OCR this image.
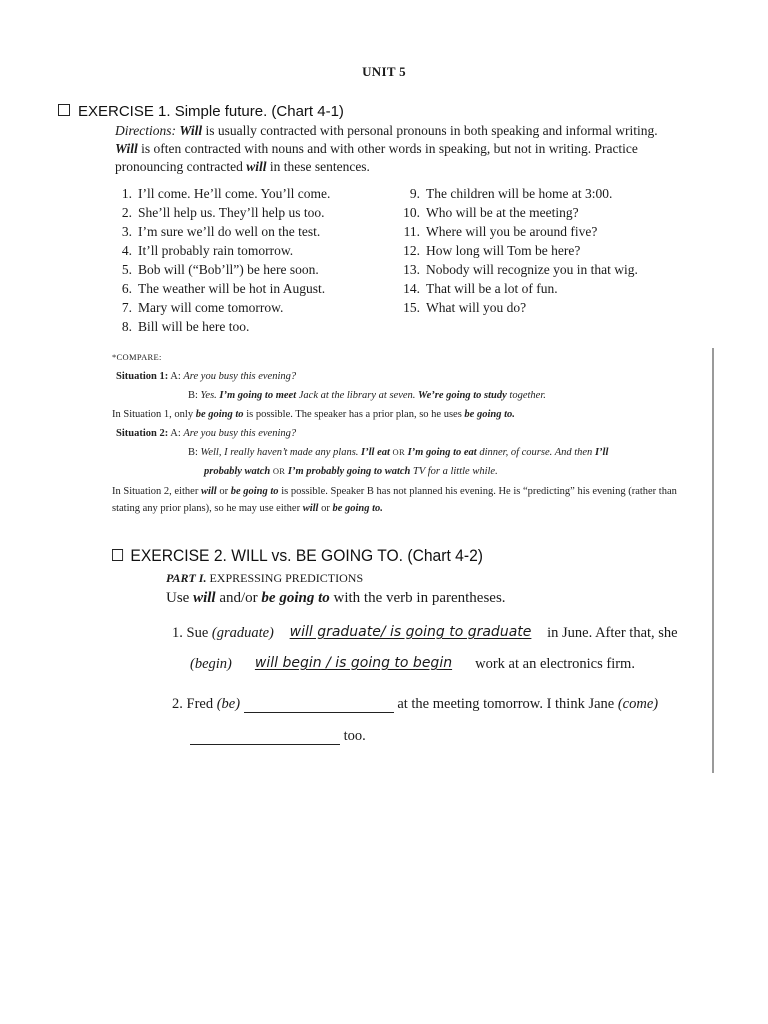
UNIT 5
EXERCISE 1. Simple future. (Chart 4-1)
Directions: Will is usually contracted with personal pronouns in both speaking and informal writing. Will is often contracted with nouns and with other words in speaking, but not in writing. Practice pronouncing contracted will in these sentences.
1. I’ll come. He’ll come. You’ll come.
2. She’ll help us. They’ll help us too.
3. I’m sure we’ll do well on the test.
4. It’ll probably rain tomorrow.
5. Bob will (“Bob’ll”) be here soon.
6. The weather will be hot in August.
7. Mary will come tomorrow.
8. Bill will be here too.
9. The children will be home at 3:00.
10. Who will be at the meeting?
11. Where will you be around five?
12. How long will Tom be here?
13. Nobody will recognize you in that wig.
14. That will be a lot of fun.
15. What will you do?
*COMPARE:
Situation 1: A: Are you busy this evening?
B: Yes. I’m going to meet Jack at the library at seven. We’re going to study together.
In Situation 1, only be going to is possible. The speaker has a prior plan, so he uses be going to.
Situation 2: A: Are you busy this evening?
B: Well, I really haven’t made any plans. I’ll eat OR I’m going to eat dinner, of course. And then I’ll
probably watch OR I’m probably going to watch TV for a little while.
In Situation 2, either will or be going to is possible. Speaker B has not planned his evening. He is “predicting” his evening (rather than stating any prior plans), so he may use either will or be going to.
EXERCISE 2. WILL vs. BE GOING TO. (Chart 4-2)
PART I. EXPRESSING PREDICTIONS
Use will and/or be going to with the verb in parentheses.
1. Sue (graduate) will graduate/ is going to graduate in June. After that, she
(begin) will begin / is going to begin work at an electronics firm.
2. Fred (be)	at the meeting tomorrow. I think Jane (come)
too.
